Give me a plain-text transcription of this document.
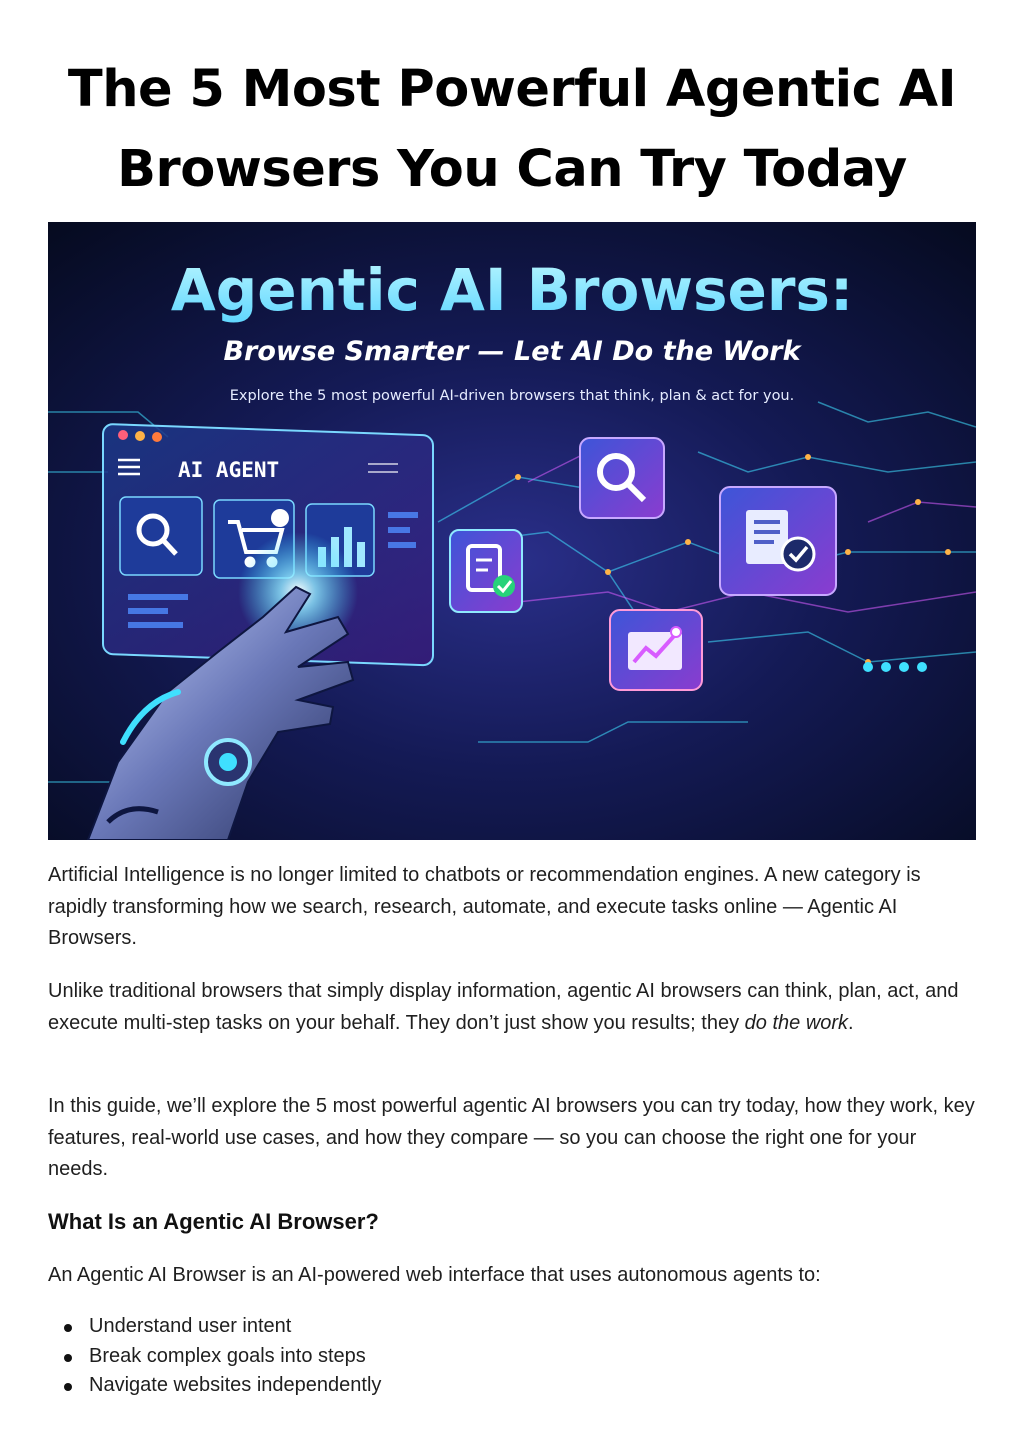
The 5 Most Powerful Agentic AI
Browsers You Can Try Today
Agentic AI Browsers:
Browse Smarter — Let AI Do the Work
Explore the 5 most powerful AI-driven browsers that think, plan & act for you.
AI AGENT

Artificial Intelligence is no longer limited to chatbots or recommendation engines. A new category is rapidly transforming how we search, research, automate, and execute tasks online — Agentic AI Browsers.

Unlike traditional browsers that simply display information, agentic AI browsers can think, plan, act, and execute multi-step tasks on your behalf. They don’t just show you results; they do the work.

In this guide, we’ll explore the 5 most powerful agentic AI browsers you can try today, how they work, key features, real-world use cases, and how they compare — so you can choose the right one for your needs.

What Is an Agentic AI Browser?

An Agentic AI Browser is an AI-powered web interface that uses autonomous agents to:

Understand user intent
Break complex goals into steps
Navigate websites independently
